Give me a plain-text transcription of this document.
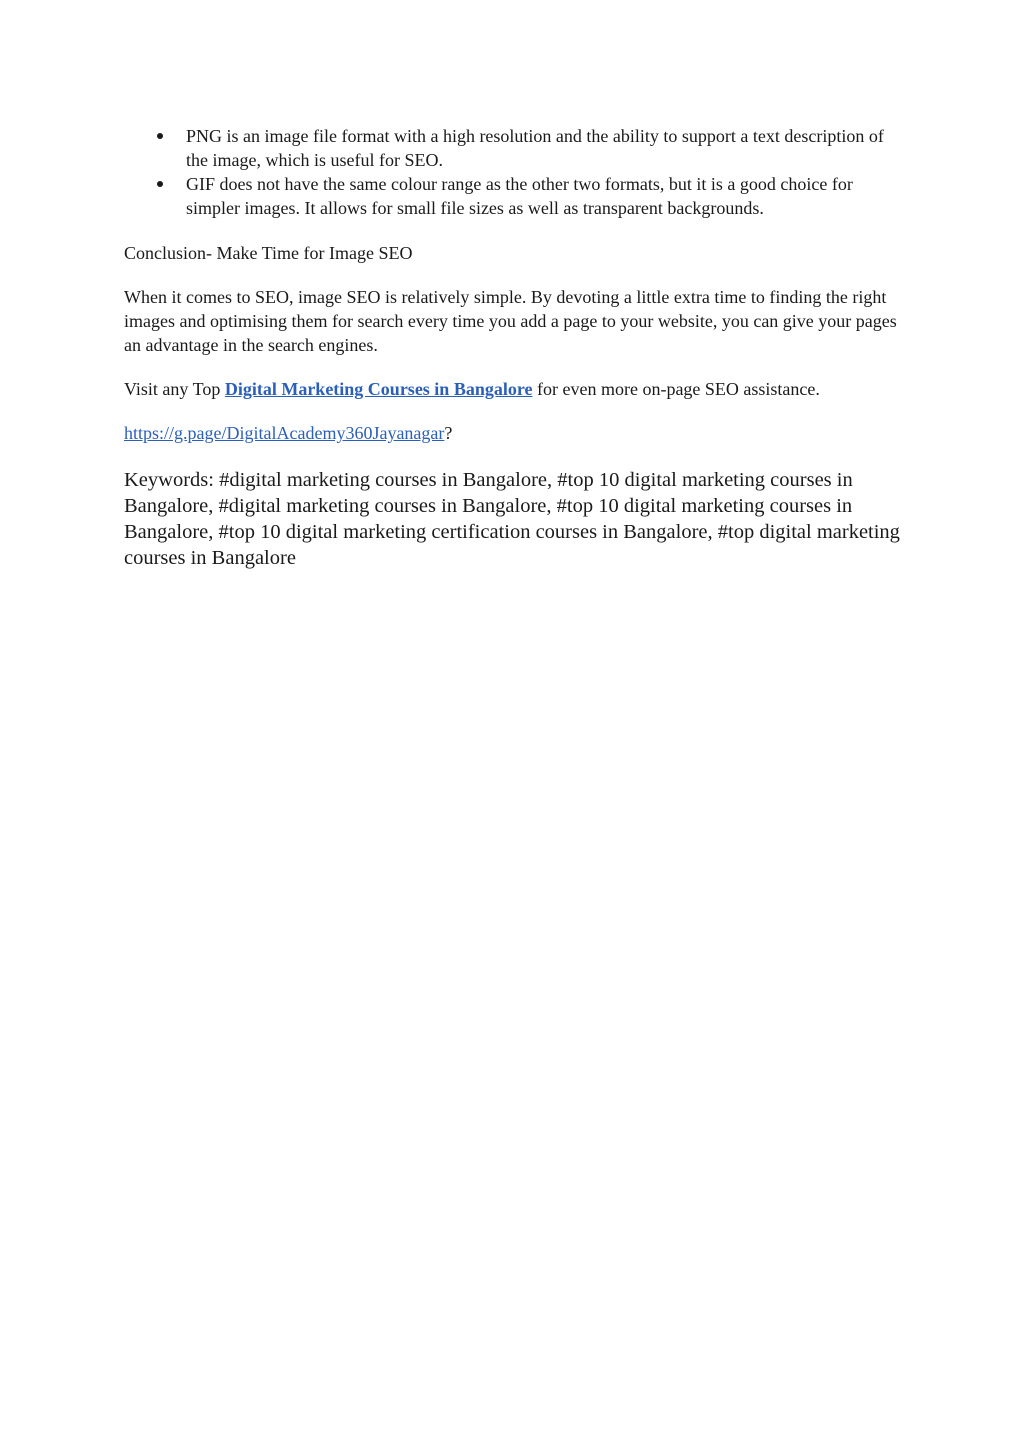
PNG is an image file format with a high resolution and the ability to support a text description of the image, which is useful for SEO.
GIF does not have the same colour range as the other two formats, but it is a good choice for simpler images. It allows for small file sizes as well as transparent backgrounds.

Conclusion- Make Time for Image SEO

When it comes to SEO, image SEO is relatively simple. By devoting a little extra time to finding the right images and optimising them for search every time you add a page to your website, you can give your pages an advantage in the search engines.

Visit any Top Digital Marketing Courses in Bangalore for even more on-page SEO assistance.

https://g.page/DigitalAcademy360Jayanagar?

Keywords: #digital marketing courses in Bangalore, #top 10 digital marketing courses in Bangalore, #digital marketing courses in Bangalore, #top 10 digital marketing courses in Bangalore, #top 10 digital marketing certification courses in Bangalore, #top digital marketing courses in Bangalore
